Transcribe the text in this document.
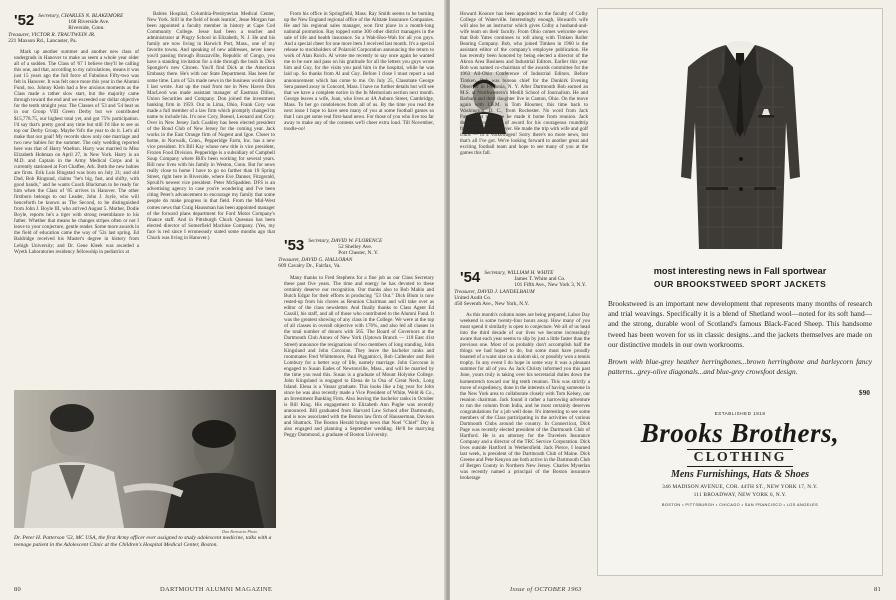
'52 Secretary, CHARLES N. BLAKEMORE
168 Riverside Ave.
Riverside, Conn.
Treasurer, VICTOR R. TRAUTWEIN JR.
221 Maxson Rd., Lancaster, Pa.

Mark up another summer and another new class of undergrads in Hanover to make us seem a whole year older all of a sudden. The Class of '67 I believe they'll be calling this one, and that, according to my calculations, means it was just 15 years ago the full force of Fabulous Fifty-two was felt in Hanover. It was felt once more this year in the Alumni Fund, too. Johnny Klein had a few anxious moments as the Class made a rather slow start, but the majority came through toward the end and we exceeded our dollar objective for the tenth straight year. The Classes of '53 and '54 beat us in our Group VIII Green Derby but we contributed $15,778.75, our highest total yet, and got 75% participation. I'd say that's pretty good any time but still I'd like to see us top our Derby Group. Maybe '64's the year to do it. Let's all make that our goal! My records show only one marriage and two new babies for the summer. The only wedding reported here was that of Harry Waelton. Harry was married to Miss Elizabeth Hohman on April 27, in New York. Harry is an M.D. and Captain in the Army Medical Corps and is currently stationed at Fort Chaffee, Ark. Both the new babies are firsts. Erik Luis Ringstad was born on July 21; and old Dad, Bob Ringstad, claims "he's big, fast, and shifty, with good hands," and he wants Coach Blackman to be ready for him when the Class of '85 arrives in Hanover. The other firstborn belongs to our Leader, John J. Joyle, who will henceforth be known as The Second, to be distinguished from John J. Boyle III, who arrived August 5. Mother, Dodie Boyle, reports he's a tiger with strong resemblance to his father. Whether that means he changes stripes often or not I leave to your conjecture, gentle reader. Some more awards in the field of education came the way of '52s last spring. Ed Baldridge received his Master's degree in history from Lehigh University; and Dr. Gene Kleek was awarded a Wyeth Laboratories residency fellowship in pediatrics at

Babies Hospital, Columbia-Presbyterian Medical Center, New York. Still in the field of book learnin', Jesse Morgan has been appointed a faculty member in history at Cape Cod Community College. Jesse had been a teacher and administrator at Pingry School in Elizabeth, N. J. He and his family are now living in Harwich Port, Mass., one of my favorite towns. And speaking of new addresses, never knew you'd passing through Brazzaville, Republic of Congo, you have a standing invitation for a ride through the bush in Dick Spongier's new Citroen. You'll find Dick at the American Embassy there. He's with our State Department. Has been for some time. Lots of '52s made news in the business world since I last wrote. Just up the road from me in New Haven Don MacLeod was made assistant manager of Eastman Dillon, Union Securities and Company. Don joined the investment banking firm in 1959. Out in Lima, Ohio, Frank Cory was made a full member of a law firm which promptly changed its name to include his. It's now Cory, Boesel, Leonard and Cory. Over in New Jersey Jack Coakley has been elected president of the Bond Club of New Jersey for the coming year. Jack works in the East Orange firm of Nugent and Igoe. Closer to home, in Norwalk, Conn., Pepperidge Farm, Inc. has a new vice president. It's Bill Kay whose new title is vice president, Frozen Food Division. Pepperidge is a subsidiary of Campbell Soup Company where Bill's been working for several years. Bill now lives with his family in Weston, Conn. But for news really close to home I have to go no farther than 18 Spring Street, right here in Riverside, where Eve Danner, Fitzgerald, Spruill's newest vice president. Peter McSpadden. DFS is an advertising agency in case you're wondering and I've been citing Peter's advancement to encourage my family that some people do make progress in that field. From the Mid-West comes news that Craig Haussman has been appointed manager of the forward plans department for Ford Motor Company's finance staff. And in Pittsburgh Chuck Quesnau has been elected director of Somerfield Machine Company. (Yes, my face is red since I erroneously stated some months ago that Chuck was living in Hanover.)

From his office in Springfield, Mass. Ray Smith seems to be burning up the New England regional office of the Allstate Insurance Companies. He and his regional sales manager, won first place in a month-long national promotion. Ray topped some 300 other district managers in the sale of life and health insurance. So a Wah-Hoo-Wah for all you guys. And a special cheer for one more item I received last month. It's a special release to stockholders of Polaroid Corporation announcing the return to work of Alan Roich. Al wrote me recently to say once again he wanted me to be sure and pass on his gratitude for all the letters you guys wrote him and Guy, for the visits you paid him in the hospital, while he was laid up. So thanks from Al and Guy. Before I close I must report a sad announcement which has come to me. On July 25, Classmate George Sera passed away in Concord, Mass. I have no further details but will see that we have a complete notice in the In Memoriam section next month. George leaves a wife, Joan, who lives at 4A Auburn Street, Cambridge, Mass. To her go condolences from all of us. By the time you read the next issue I hope to have seen many of you at some football games so that I can get some real first-hand news. For those of you who live too far away to make any of the contests we'll cheer extra loud. Till November, toodle-oo!

'53 Secretary, DAVID W. FLORENCE
52 Shelley Ave.
Port Chester, N. Y.
Treasurer, DAVID G. HALLORAN
609 Cavalry Dr., Fairfax, Va.

Many thanks to Fred Stephens for a fine job as our Class Secretary these past five years. The time and energy he has devoted to these certainly deserve our recognition. Our thanks also to Bob Mahin and Butch Edgar for their efforts in producing "53 Out." Dick Blum is now rested-up from his chores as Reunion Chairman and will take over as editor of the class newsletter. And finally thanks to Class Agent Ed Cassill, his staff, and all of those who contributed to the Alumni Fund. It was the greatest showing of any class in the College. We were at the top of all classes in overall objective with 176%, and also led all classes in the total number of donors with 565. The Board of Governors at the Dartmouth Club Annex of New York (Uptown Branch — 118 East 41st Street) announce the resignations of two members of long standing, John Kingsland and John Corcoran. They leave the bachelor ranks and roommates Fred Whittemore, Paul Piggamicci, Bob Callender and Bob Lombury for a better way of life, namely marriage. John Corcoran is engaged to Susan Eades of Newtonville, Mass., and will be married by the time you read this. Susan is a graduate of Mount Holyoke College. John Kingsland is engaged to Elena de la Osa of Great Neck, Long Island. Elena is a Vassar graduate. This looks like a big year for John since he was also recently made a Vice President of White, Weld & Co., an Investment Banking Firm. Also leaving the bachelor ranks in October is Bill King. His engagement to Elizabeth Ann Pughe was recently announced. Bill graduated from Harvard Law School after Dartmouth, and is now associated with the Boston law firm of Hausserman, Davison and Shattuck. The Boston Herald brings news that Noel "Chief" Day is also engaged and planning a September wedding. He'll be marrying Peggy Dammond, a graduate of Boston University.

Dan Bernstein Photo
Dr. Peter H. Patterson '53, MC USA, the first Army officer ever assigned to study adolescent medicine, talks with a teenage patient in the Adolescent Clinic at the Children's Hospital Medical Center, Boston.
80	DARTMOUTH ALUMNI MAGAZINE

Howard Koonce has been appointed to the faculty of Colby College of Waterville. Interestingly enough, Howard's wife will also be an instructor which gives Colby a husband-and-wife team on their faculty. From Ohio comes welcome news that Bob Yates continues to roll along with Timken Roller Bearing Company. Bob, who joined Timken in 1960 is the assistant editor of the company's employee publication. He has recently been honored by being elected a director of the Akron Area Business and Industrial Editors. Earlier this year Bob was named co-chairman of the awards committee for the 1963 All-Ohio Conference of Industrial Editors. Before Timken, Bob was bureau chief for the Dunkirk Evening Observer in Fredonia, N. Y. After Dartmouth Bob earned an M.S. at Northwestern's Medill School of Journalism. He and Barbara and their daughter live in Canton, Ohio. On the move again with I.B.M. is Tom Bloomer, this time back to Washington, D. C., from Rochester. No word from Jack Patten, but we hope he made it home from reunion. Jack deserves some kind of award for his courageous roundtrip from his home in Denver. He made the trip with wife and golf clubs — in a Volkswagen! Sorry there's no more news, but that's all I've got. We're looking forward to another great and exciting football team and hope to see many of you at the games this fall.

'54 Secretary, WILLIAM H. WHITE
James T. White and Co.
101 Fifth Ave., New York 3, N.Y.
Treasurer, DAVID J. LANDELBAUM
United Audit Co.
450 Seventh Ave., New York, N.Y.

As this month's column notes are being prepared, Labor Day weekend is some twenty-four hours away. How many of you must spend it similarly is open to conjecture. We all of us head into the third decade of our lives we become increasingly aware that each year seems to slip by just a little faster than the previous one. Most of us probably don't accomplish half the things we had hoped to do, but some must have proudly boasted of a waist size on a slalom ski, or possibly won a tennis trophy. In any event I do hope in some way it was a pleasant summer for all of you. As Jack Christy informed you this past June, yours truly is taking over his secretarial duties down the homestretch toward our big tenth reunion. This was strictly a move of expediency, done in the interests of having someone in the New York area to collaborate closely with Tom Kelsey, our reunion chairman. Jack found it rather a harrowing adventure to run the column from India, and he most certainly deserves congratulations for a job well done. It's interesting to see some members of the Class participating in the activities of various Dartmouth Clubs around the country. In Connecticut, Dick Page was recently elected president of the Dartmouth Club of Hartford. He is an attorney for the Travelers Insurance Company and a director of the TRC Service Corporation. Dick lives outside Hartford in Wethersfield. Jack Pierce, I learned last week, is president of the Dartmouth Club of Maine. Dick Greene and Pete Kenyon are both active in the Dartmouth Club of Bergen County in Northern New Jersey. Charles Myserlan was recently named a principal of the Boston insurance brokerage

Issue of OCTOBER 1963	81
most interesting news in Fall sportwear
OUR BROOKSTWEED SPORT JACKETS
Brookstweed is an important new development that represents many months of research and trial weavings. Specifically it is a blend of Shetland wool—noted for its soft hand—and the strong, durable wool of Scotland's famous Black-Faced Sheep. This handsome tweed has been woven for us in classic designs...and the jackets themselves are made on our distinctive models in our own workrooms.
Brown with blue-grey heather herringbones...brown herringbone and barleycorn fancy patterns...grey-olive diagonals...and blue-grey crowsfoot design.
$90
ESTABLISHED 1818
Brooks Brothers,
CLOTHING
Mens Furnishings, Hats & Shoes
346 MADISON AVENUE, COR. 44TH ST., NEW YORK 17, N.Y.
111 BROADWAY, NEW YORK 6, N.Y.
BOSTON • PITTSBURGH • CHICAGO • SAN FRANCISCO • LOS ANGELES
